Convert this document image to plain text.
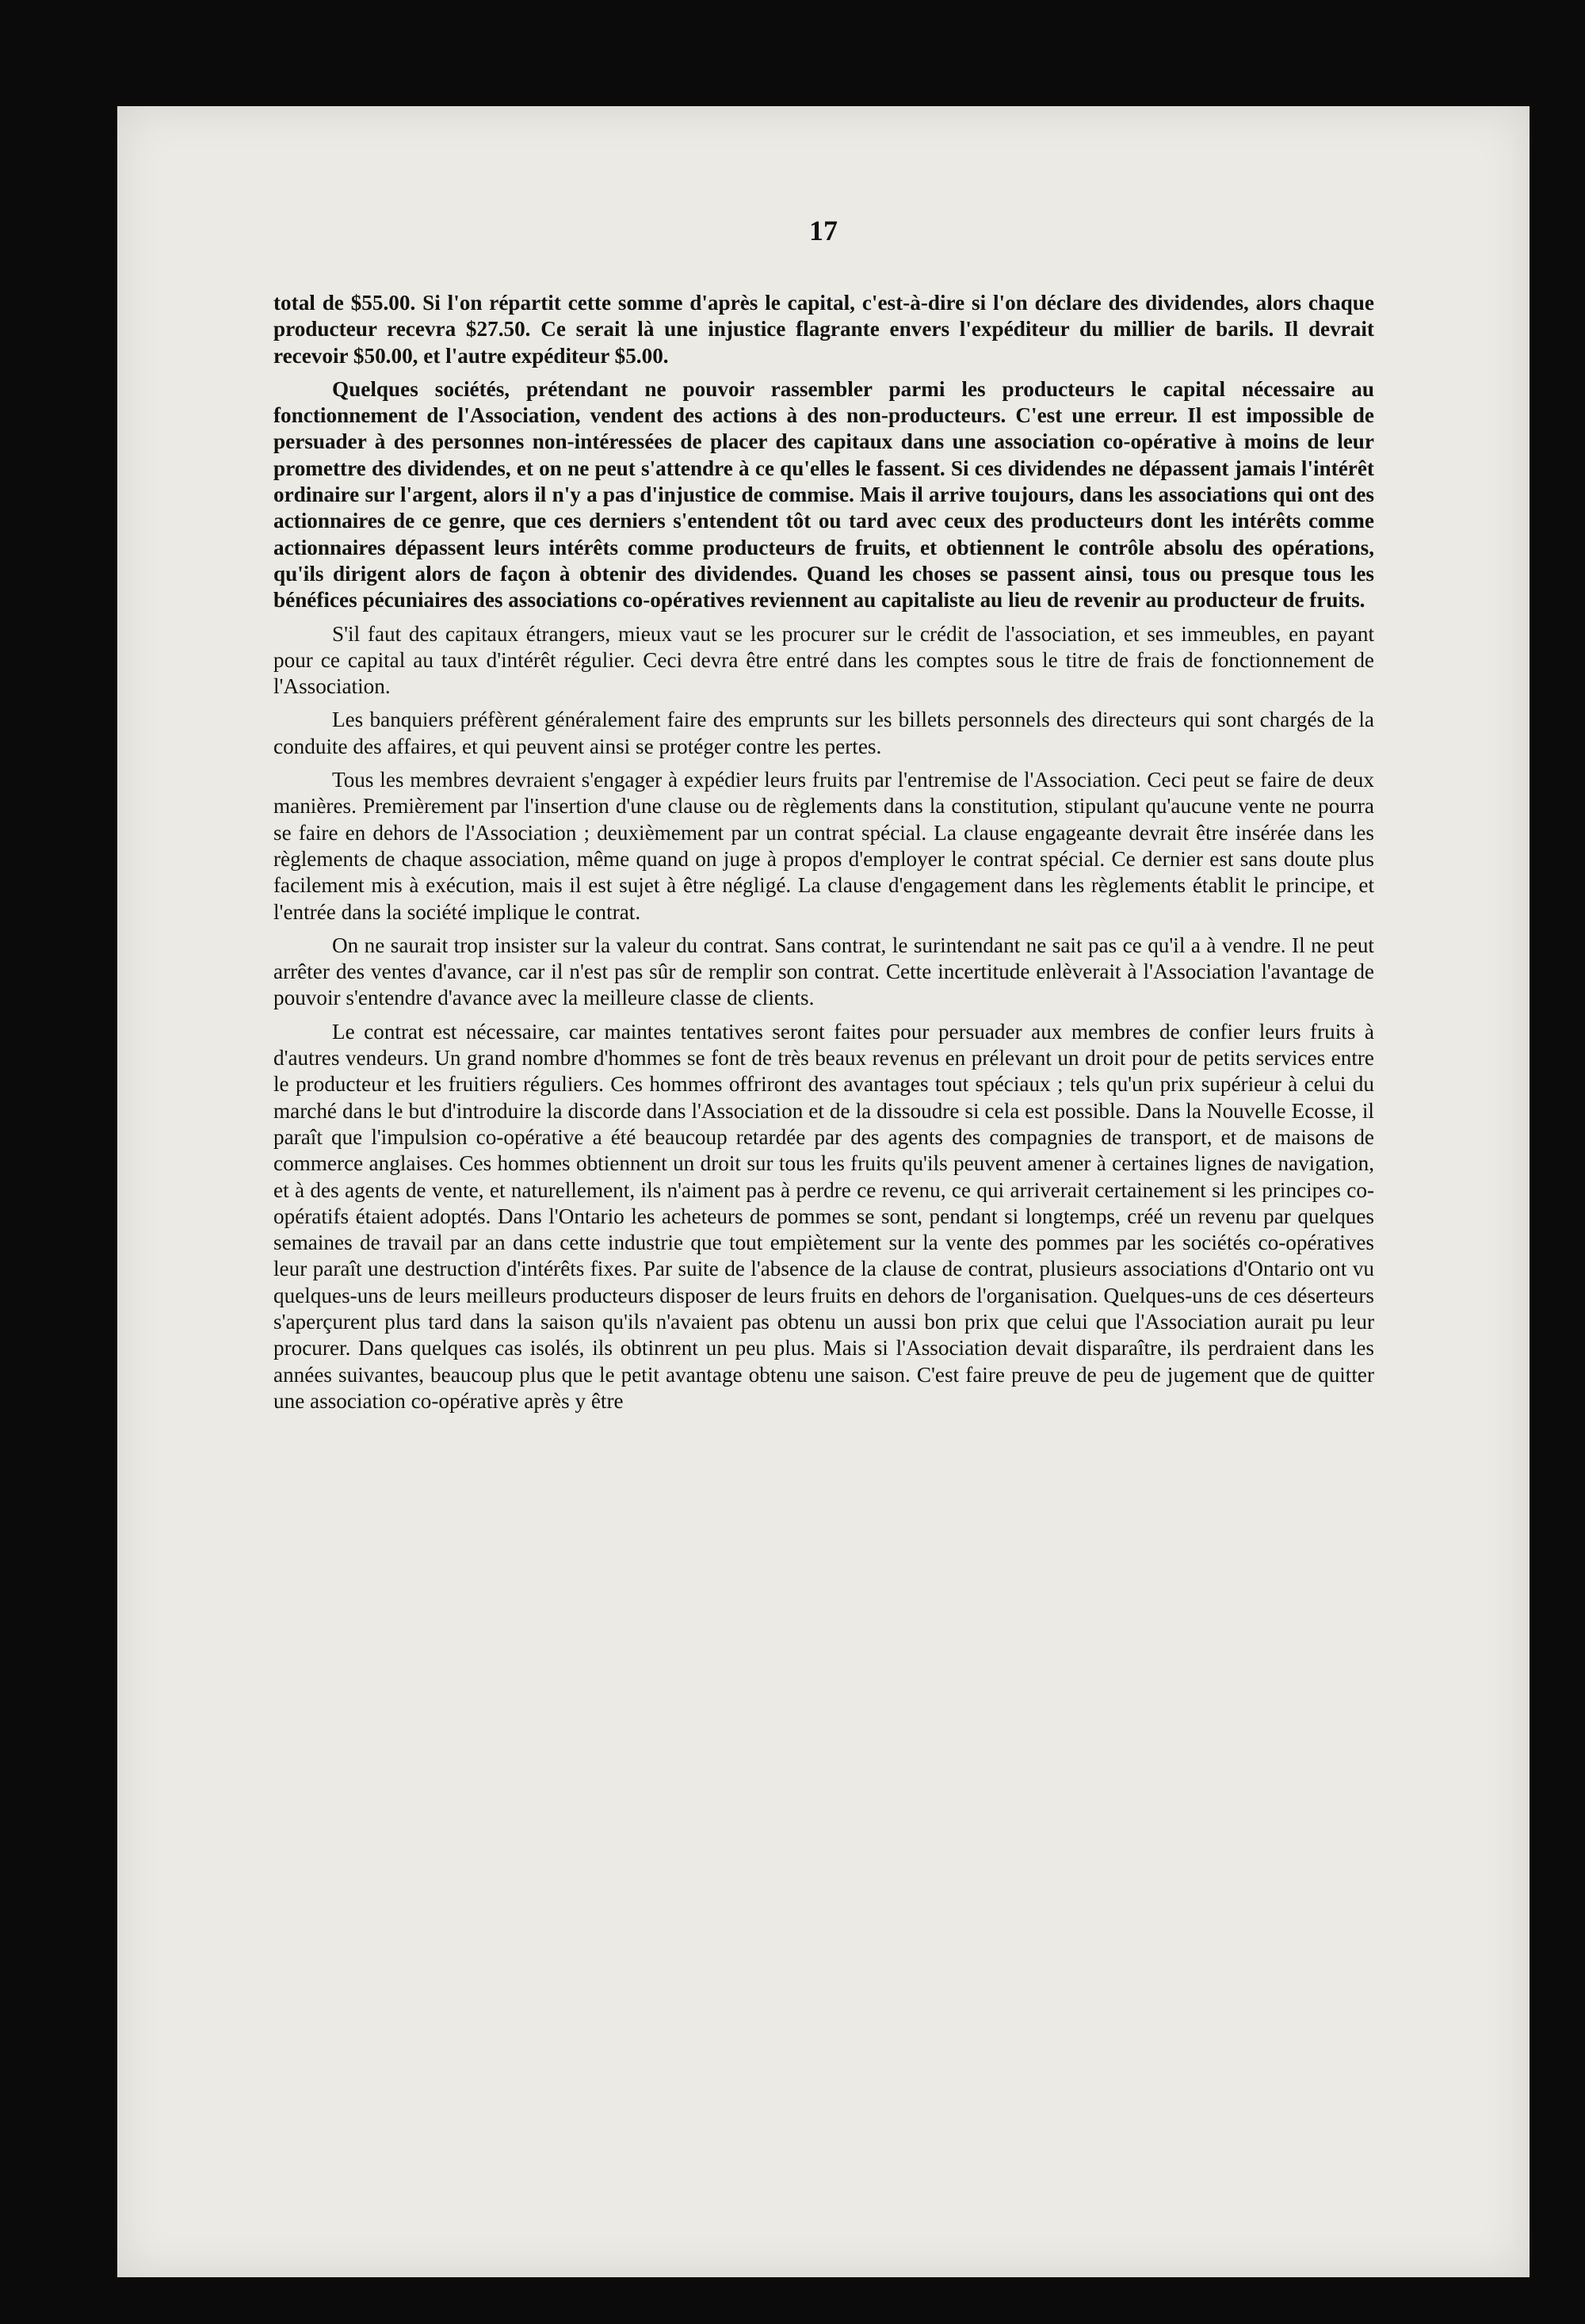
17

total de $55.00. Si l'on répartit cette somme d'après le capital, c'est-à-dire si l'on déclare des dividendes, alors chaque producteur recevra $27.50. Ce serait là une injustice flagrante envers l'expéditeur du millier de barils. Il devrait recevoir $50.00, et l'autre expéditeur $5.00.

Quelques sociétés, prétendant ne pouvoir rassembler parmi les producteurs le capital nécessaire au fonctionnement de l'Association, vendent des actions à des non-producteurs. C'est une erreur. Il est impossible de persuader à des personnes non-intéressées de placer des capitaux dans une association co-opérative à moins de leur promettre des dividendes, et on ne peut s'attendre à ce qu'elles le fassent. Si ces dividendes ne dépassent jamais l'intérêt ordinaire sur l'argent, alors il n'y a pas d'injustice de commise. Mais il arrive toujours, dans les associations qui ont des actionnaires de ce genre, que ces derniers s'entendent tôt ou tard avec ceux des producteurs dont les intérêts comme actionnaires dépassent leurs intérêts comme producteurs de fruits, et obtiennent le contrôle absolu des opérations, qu'ils dirigent alors de façon à obtenir des dividendes. Quand les choses se passent ainsi, tous ou presque tous les bénéfices pécuniaires des associations co-opératives reviennent au capitaliste au lieu de revenir au producteur de fruits.

S'il faut des capitaux étrangers, mieux vaut se les procurer sur le crédit de l'association, et ses immeubles, en payant pour ce capital au taux d'intérêt régulier. Ceci devra être entré dans les comptes sous le titre de frais de fonctionnement de l'Association.

Les banquiers préfèrent généralement faire des emprunts sur les billets personnels des directeurs qui sont chargés de la conduite des affaires, et qui peuvent ainsi se protéger contre les pertes.

Tous les membres devraient s'engager à expédier leurs fruits par l'entremise de l'Association. Ceci peut se faire de deux manières. Premièrement par l'insertion d'une clause ou de règlements dans la constitution, stipulant qu'aucune vente ne pourra se faire en dehors de l'Association ; deuxièmement par un contrat spécial. La clause engageante devrait être insérée dans les règlements de chaque association, même quand on juge à propos d'employer le contrat spécial. Ce dernier est sans doute plus facilement mis à exécution, mais il est sujet à être négligé. La clause d'engagement dans les règlements établit le principe, et l'entrée dans la société implique le contrat.

On ne saurait trop insister sur la valeur du contrat. Sans contrat, le surintendant ne sait pas ce qu'il a à vendre. Il ne peut arrêter des ventes d'avance, car il n'est pas sûr de remplir son contrat. Cette incertitude enlèverait à l'Association l'avantage de pouvoir s'entendre d'avance avec la meilleure classe de clients.

Le contrat est nécessaire, car maintes tentatives seront faites pour persuader aux membres de confier leurs fruits à d'autres vendeurs. Un grand nombre d'hommes se font de très beaux revenus en prélevant un droit pour de petits services entre le producteur et les fruitiers réguliers. Ces hommes offriront des avantages tout spéciaux ; tels qu'un prix supérieur à celui du marché dans le but d'introduire la discorde dans l'Association et de la dissoudre si cela est possible. Dans la Nouvelle Ecosse, il paraît que l'impulsion co-opérative a été beaucoup retardée par des agents des compagnies de transport, et de maisons de commerce anglaises. Ces hommes obtiennent un droit sur tous les fruits qu'ils peuvent amener à certaines lignes de navigation, et à des agents de vente, et naturellement, ils n'aiment pas à perdre ce revenu, ce qui arriverait certainement si les principes co-opératifs étaient adoptés. Dans l'Ontario les acheteurs de pommes se sont, pendant si longtemps, créé un revenu par quelques semaines de travail par an dans cette industrie que tout empiètement sur la vente des pommes par les sociétés co-opératives leur paraît une destruction d'intérêts fixes. Par suite de l'absence de la clause de contrat, plusieurs associations d'Ontario ont vu quelques-uns de leurs meilleurs producteurs disposer de leurs fruits en dehors de l'organisation. Quelques-uns de ces déserteurs s'aperçurent plus tard dans la saison qu'ils n'avaient pas obtenu un aussi bon prix que celui que l'Association aurait pu leur procurer. Dans quelques cas isolés, ils obtinrent un peu plus. Mais si l'Association devait disparaître, ils perdraient dans les années suivantes, beaucoup plus que le petit avantage obtenu une saison. C'est faire preuve de peu de jugement que de quitter une association co-opérative après y être
